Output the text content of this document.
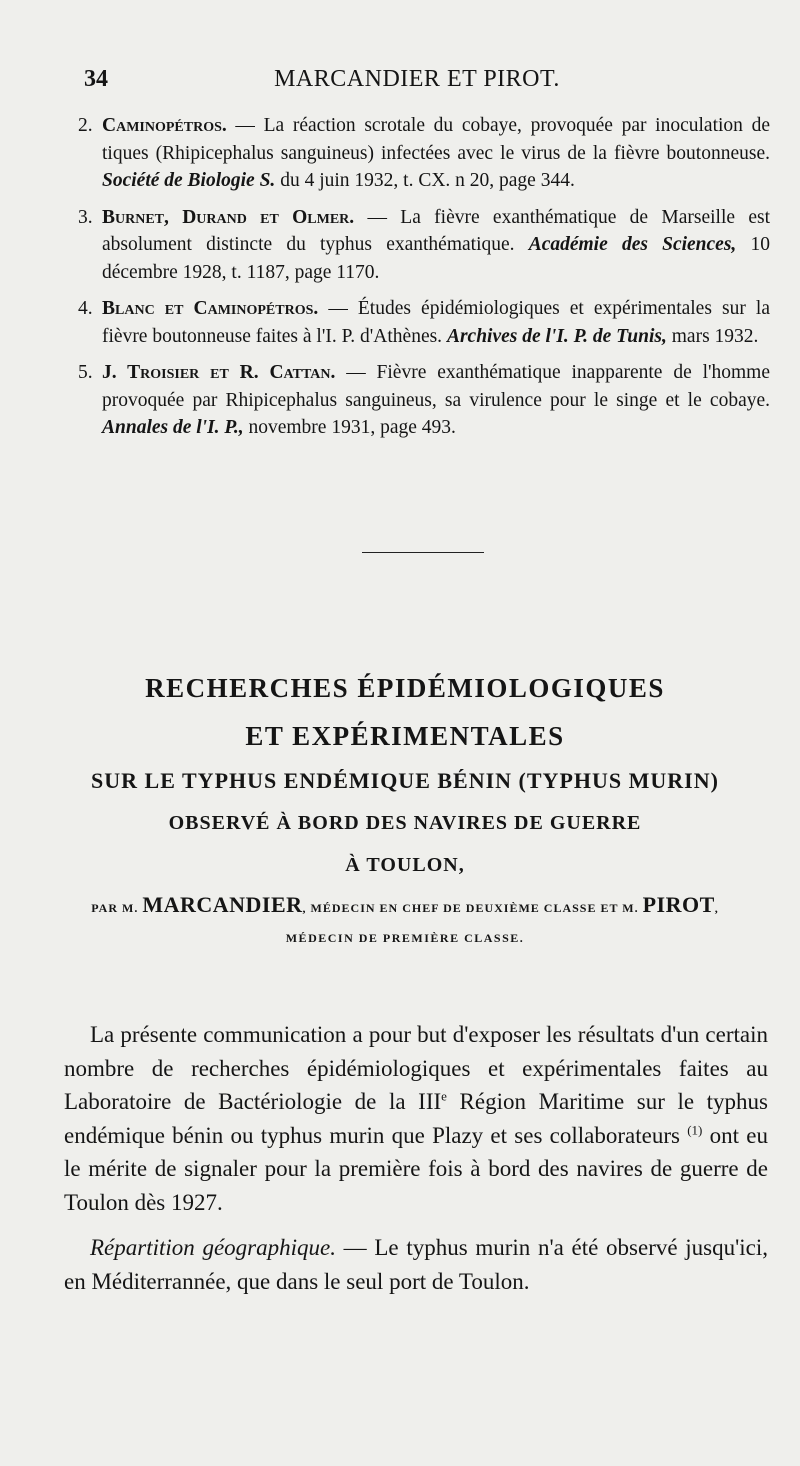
34	MARCANDIER ET PIROT.

2. Caminopétros. — La réaction scrotale du cobaye, provoquée par inoculation de tiques (Rhipicephalus sanguineus) infectées avec le virus de la fièvre boutonneuse. Société de Biologie S. du 4 juin 1932, t. CX. n 20, page 344.

3. Burnet, Durand et Olmer. — La fièvre exanthématique de Marseille est absolument distincte du typhus exanthématique. Académie des Sciences, 10 décembre 1928, t. 1187, page 1170.

4. Blanc et Caminopétros. — Études épidémiologiques et expérimentales sur la fièvre boutonneuse faites à l'I. P. d'Athènes. Archives de l'I. P. de Tunis, mars 1932.

5. J. Troisier et R. Cattan. — Fièvre exanthématique inapparente de l'homme provoquée par Rhipicephalus sanguineus, sa virulence pour le singe et le cobaye. Annales de l'I. P., novembre 1931, page 493.

RECHERCHES ÉPIDÉMIOLOGIQUES
ET EXPÉRIMENTALES
SUR LE TYPHUS ENDÉMIQUE BÉNIN (TYPHUS MURIN)
OBSERVÉ À BORD DES NAVIRES DE GUERRE
À TOULON,
PAR M. MARCANDIER, MÉDECIN EN CHEF DE DEUXIÈME CLASSE ET M. PIROT,
MÉDECIN DE PREMIÈRE CLASSE.

La présente communication a pour but d'exposer les résultats d'un certain nombre de recherches épidémiologiques et expérimentales faites au Laboratoire de Bactériologie de la IIIe Région Maritime sur le typhus endémique bénin ou typhus murin que Plazy et ses collaborateurs $^{(1)}$ ont eu le mérite de signaler pour la première fois à bord des navires de guerre de Toulon dès 1927.

Répartition géographique. — Le typhus murin n'a été observé jusqu'ici, en Méditerrannée, que dans le seul port de Toulon.
